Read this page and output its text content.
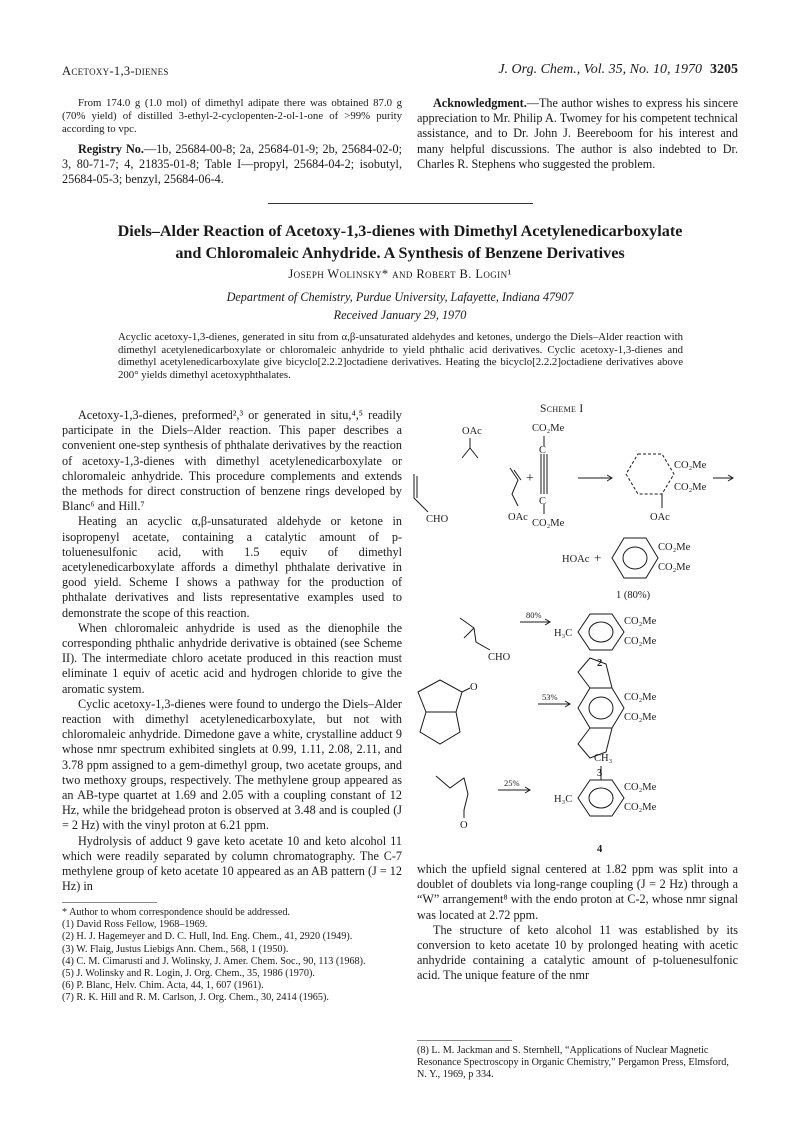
Acetoxy-1,3-dienes	J. Org. Chem., Vol. 35, No. 10, 1970 3205

From 174.0 g (1.0 mol) of dimethyl adipate there was obtained 87.0 g (70% yield) of distilled 3-ethyl-2-cyclopenten-2-ol-1-one of >99% purity according to vpc.

Registry No.—1b, 25684-00-8; 2a, 25684-01-9; 2b, 25684-02-0; 3, 80-71-7; 4, 21835-01-8; Table I—propyl, 25684-04-2; isobutyl, 25684-05-3; benzyl, 25684-06-4.

Acknowledgment.—The author wishes to express his sincere appreciation to Mr. Philip A. Twomey for his competent technical assistance, and to Dr. John J. Beereboom for his interest and many helpful discussions. The author is also indebted to Dr. Charles R. Stephens who suggested the problem.

Diels–Alder Reaction of Acetoxy-1,3-dienes with Dimethyl Acetylenedicarboxylate
and Chloromaleic Anhydride. A Synthesis of Benzene Derivatives
Joseph Wolinsky* and Robert B. Login¹
Department of Chemistry, Purdue University, Lafayette, Indiana 47907
Received January 29, 1970
Acyclic acetoxy-1,3-dienes, generated in situ from α,β-unsaturated aldehydes and ketones, undergo the Diels–Alder reaction with dimethyl acetylenedicarboxylate or chloromaleic anhydride to yield phthalic acid derivatives. Cyclic acetoxy-1,3-dienes and dimethyl acetylenedicarboxylate give bicyclo[2.2.2]octadiene derivatives. Heating the bicyclo[2.2.2]octadiene derivatives above 200° yields dimethyl acetoxyphthalates.

Acetoxy-1,3-dienes, preformed²,³ or generated in situ,⁴,⁵ readily participate in the Diels–Alder reaction. This paper describes a convenient one-step synthesis of phthalate derivatives by the reaction of acetoxy-1,3-dienes with dimethyl acetylenedicarboxylate or chloromaleic anhydride. This procedure complements and extends the methods for direct construction of benzene rings developed by Blanc⁶ and Hill.⁷

Heating an acyclic α,β-unsaturated aldehyde or ketone in isopropenyl acetate, containing a catalytic amount of p-toluenesulfonic acid, with 1.5 equiv of dimethyl acetylenedicarboxylate affords a dimethyl phthalate derivative in good yield. Scheme I shows a pathway for the production of phthalate derivatives and lists representative examples used to demonstrate the scope of this reaction.

When chloromaleic anhydride is used as the dienophile the corresponding phthalic anhydride derivative is obtained (see Scheme II). The intermediate chloro acetate produced in this reaction must eliminate 1 equiv of acetic acid and hydrogen chloride to give the aromatic system.

Cyclic acetoxy-1,3-dienes were found to undergo the Diels–Alder reaction with dimethyl acetylenedicarboxylate, but not with chloromaleic anhydride. Dimedone gave a white, crystalline adduct 9 whose nmr spectrum exhibited singlets at 0.99, 1.11, 2.08, 2.11, and 3.78 ppm assigned to a gem-dimethyl group, two acetate groups, and two methoxy groups, respectively. The methylene group appeared as an AB-type quartet at 1.69 and 2.05 with a coupling constant of 12 Hz, while the bridgehead proton is observed at 3.48 and is coupled (J = 2 Hz) with the vinyl proton at 6.21 ppm.

Hydrolysis of adduct 9 gave keto acetate 10 and keto alcohol 11 which were readily separated by column chromatography. The C-7 methylene group of keto acetate 10 appeared as an AB pattern (J = 12 Hz) in

* Author to whom correspondence should be addressed.

(1) David Ross Fellow, 1968–1969.

(2) H. J. Hagemeyer and D. C. Hull, Ind. Eng. Chem., 41, 2920 (1949).

(3) W. Flaig, Justus Liebigs Ann. Chem., 568, 1 (1950).

(4) C. M. Cimarusti and J. Wolinsky, J. Amer. Chem. Soc., 90, 113 (1968).

(5) J. Wolinsky and R. Login, J. Org. Chem., 35, 1986 (1970).

(6) P. Blanc, Helv. Chim. Acta, 44, 1, 607 (1961).

(7) R. K. Hill and R. M. Carlson, J. Org. Chem., 30, 2414 (1965).

Scheme I
CO₂Me
C
C
CO₂Me
OAc
CHO	OAc
+
CO₂Me
CO₂Me
OAc
HOAc +
CO₂Me
CO₂Me
1 (80%)
CHO
80%
H₃C
CO₂Me
CO₂Me
2
O
53%	CO₂Me
CO₂Me
3
O
25%
CH₃
H₃C
CO₂Me
CO₂Me
4

which the upfield signal centered at 1.82 ppm was split into a doublet of doublets via long-range coupling (J = 2 Hz) through a “W” arrangement⁸ with the endo proton at C-2, whose nmr signal was located at 2.72 ppm.

The structure of keto alcohol 11 was established by its conversion to keto acetate 10 by prolonged heating with acetic anhydride containing a catalytic amount of p-toluenesulfonic acid. The unique feature of the nmr

(8) L. M. Jackman and S. Sternhell, “Applications of Nuclear Magnetic Resonance Spectroscopy in Organic Chemistry,” Pergamon Press, Elmsford, N. Y., 1969, p 334.
